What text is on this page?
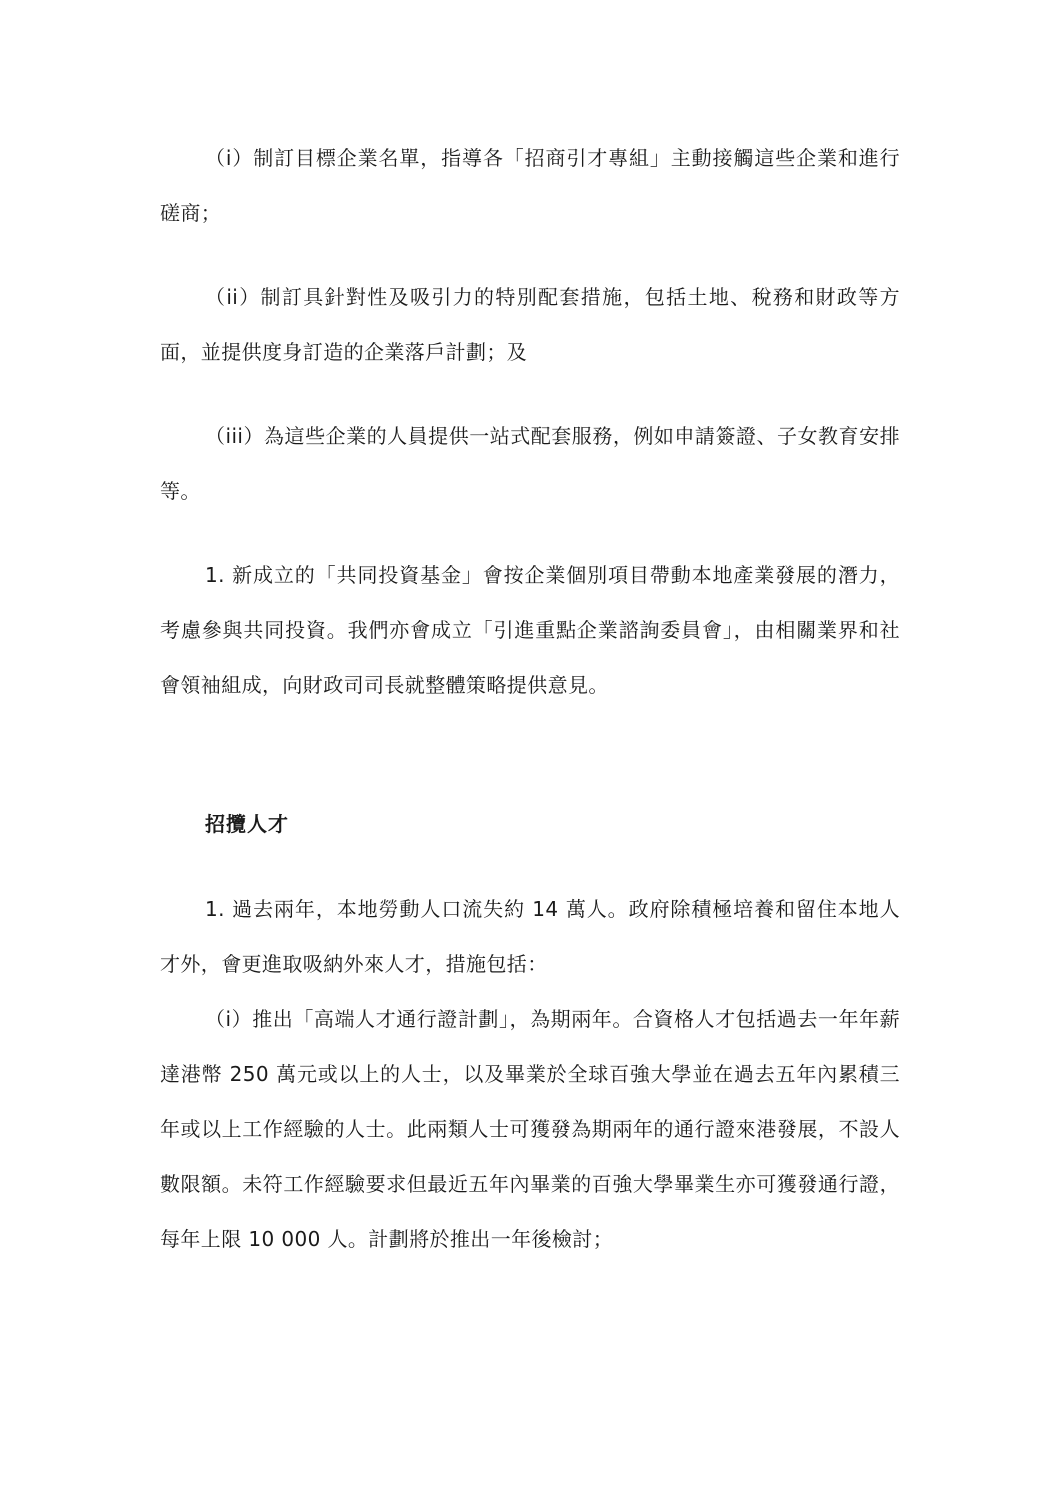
（i）制訂目標企業名單，指導各「招商引才專組」主動接觸這些企業和進行磋商；

（ii）制訂具針對性及吸引力的特別配套措施，包括土地、稅務和財政等方面，並提供度身訂造的企業落戶計劃；及

（iii）為這些企業的人員提供一站式配套服務，例如申請簽證、子女教育安排等。

1. 新成立的「共同投資基金」會按企業個別項目帶動本地產業發展的潛力，考慮參與共同投資。我們亦會成立「引進重點企業諮詢委員會」，由相關業界和社會領袖組成，向財政司司長就整體策略提供意見。

招攬人才

1. 過去兩年，本地勞動人口流失約 14 萬人。政府除積極培養和留住本地人才外，會更進取吸納外來人才，措施包括：

（i）推出「高端人才通行證計劃」，為期兩年。合資格人才包括過去一年年薪達港幣 250 萬元或以上的人士，以及畢業於全球百強大學並在過去五年內累積三年或以上工作經驗的人士。此兩類人士可獲發為期兩年的通行證來港發展，不設人數限額。未符工作經驗要求但最近五年內畢業的百強大學畢業生亦可獲發通行證，每年上限 10 000 人。計劃將於推出一年後檢討；
